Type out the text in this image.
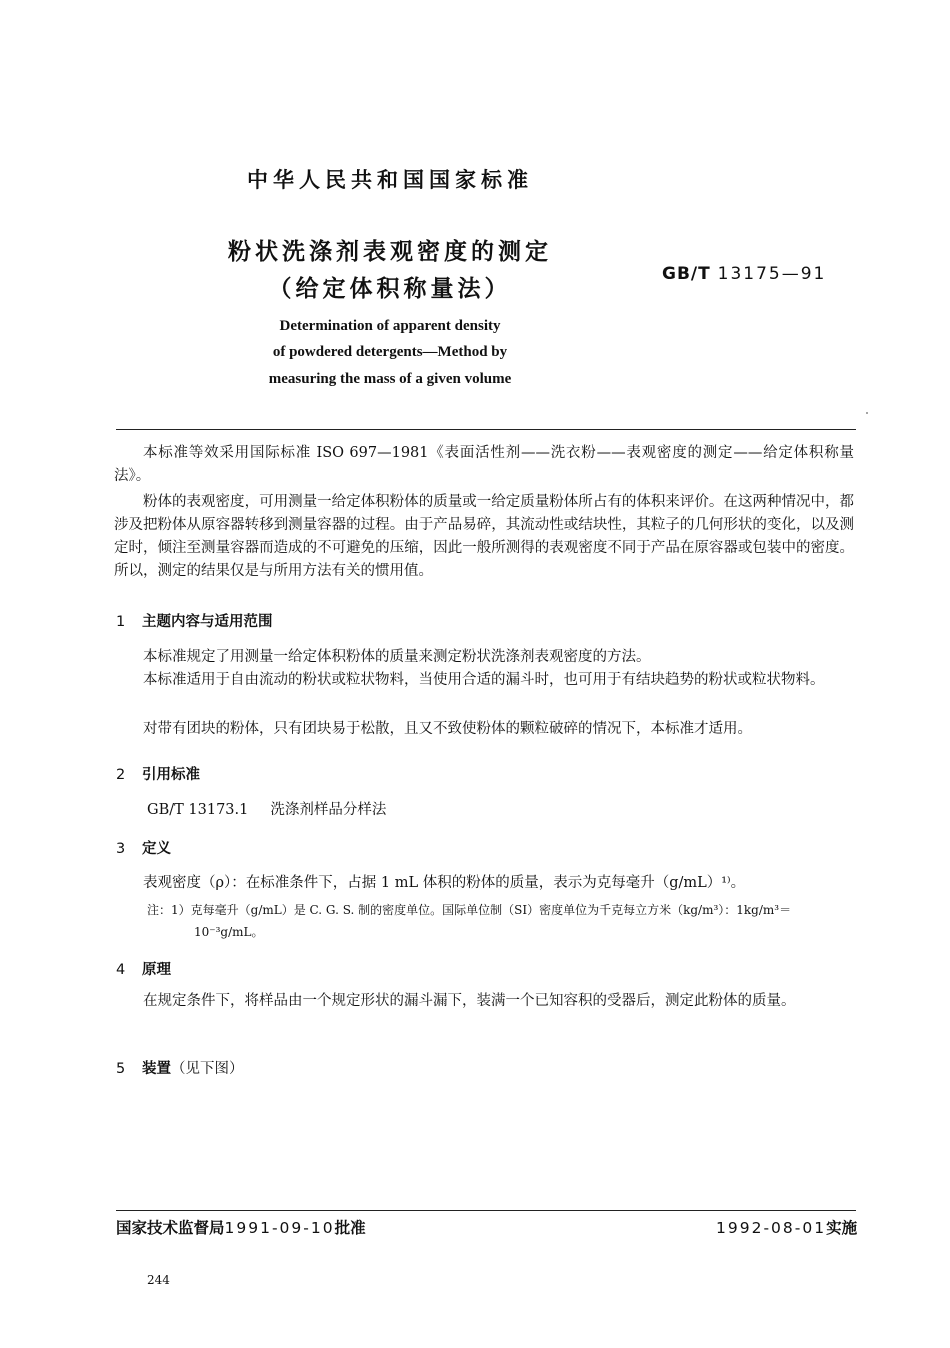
中华人民共和国国家标准
粉状洗涤剂表观密度的测定
（给定体积称量法）
GB/T 13175—91
Determination of apparent density
of powdered detergents—Method by
measuring the mass of a given volume
本标准等效采用国际标准 ISO 697—1981《表面活性剂——洗衣粉——表观密度的测定——给定体积称量法》。
粉体的表观密度，可用测量一给定体积粉体的质量或一给定质量粉体所占有的体积来评价。在这两种情况中，都涉及把粉体从原容器转移到测量容器的过程。由于产品易碎，其流动性或结块性，其粒子的几何形状的变化，以及测定时，倾注至测量容器而造成的不可避免的压缩，因此一般所测得的表观密度不同于产品在原容器或包装中的密度。所以，测定的结果仅是与所用方法有关的惯用值。
1 主题内容与适用范围
本标准规定了用测量一给定体积粉体的质量来测定粉状洗涤剂表观密度的方法。
本标准适用于自由流动的粉状或粒状物料，当使用合适的漏斗时，也可用于有结块趋势的粉状或粒状物料。
对带有团块的粉体，只有团块易于松散，且又不致使粉体的颗粒破碎的情况下，本标准才适用。
2 引用标准
GB/T 13173.1 洗涤剂样品分样法
3 定义
表观密度（ρ）：在标准条件下，占据 1 mL 体积的粉体的质量，表示为克每毫升（g/mL）¹⁾。
注：1）克每毫升（g/mL）是 C. G. S. 制的密度单位。国际单位制（SI）密度单位为千克每立方米（kg/m³）：1kg/m³＝
10⁻³g/mL。
4 原理
在规定条件下，将样品由一个规定形状的漏斗漏下，装满一个已知容积的受器后，测定此粉体的质量。
5 装置（见下图）
国家技术监督局1991-09-10批准	1992-08-01实施
244
